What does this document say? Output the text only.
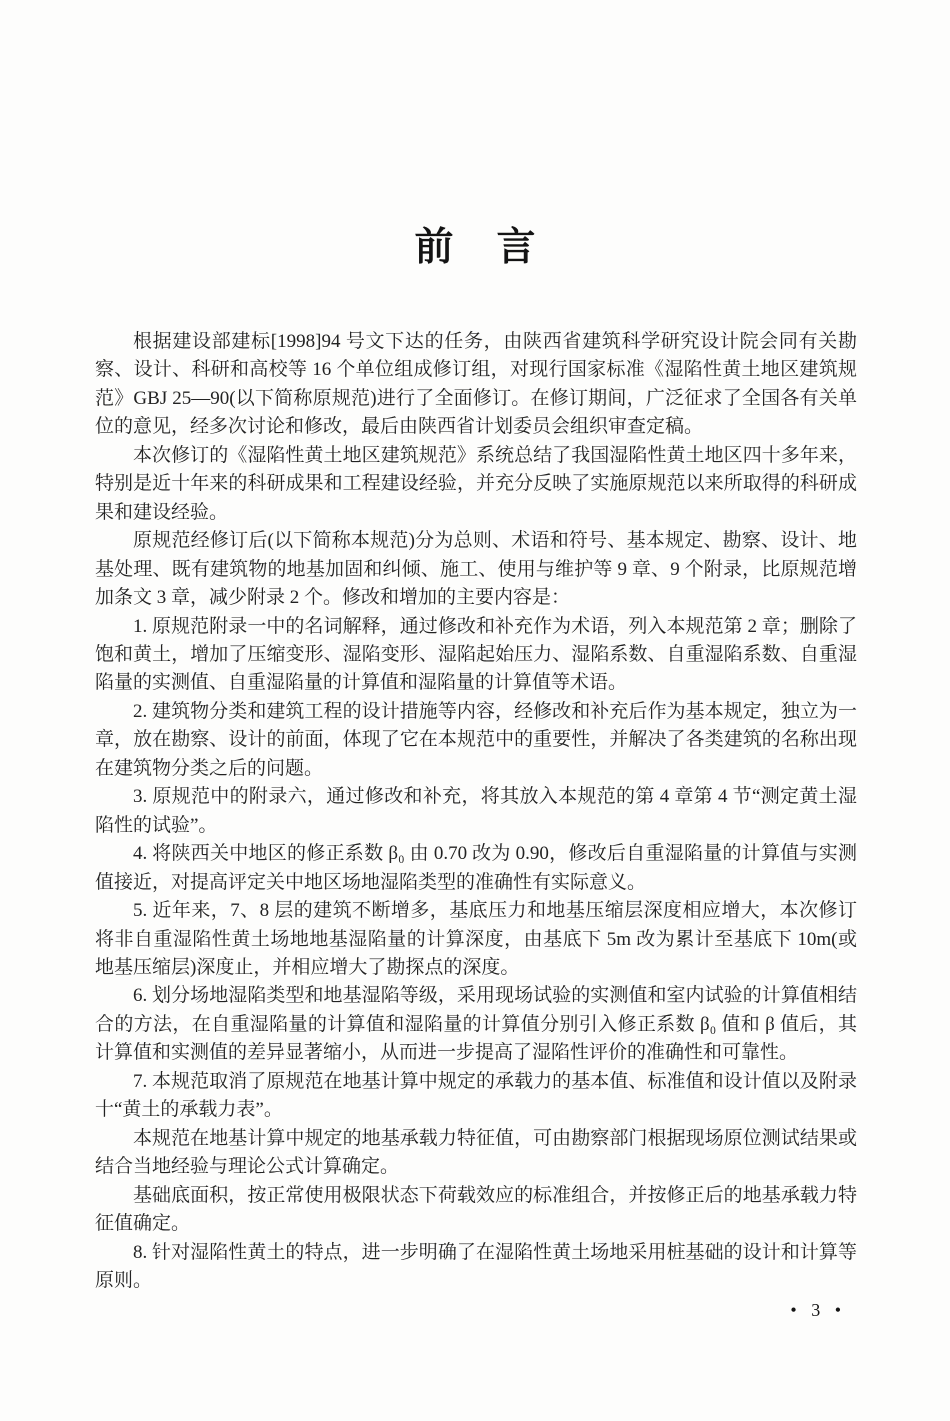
前　言

根据建设部建标[1998]94 号文下达的任务，由陕西省建筑科学研究设计院会同有关勘察、设计、科研和高校等 16 个单位组成修订组，对现行国家标准《湿陷性黄土地区建筑规范》GBJ 25—90(以下简称原规范)进行了全面修订。在修订期间，广泛征求了全国各有关单位的意见，经多次讨论和修改，最后由陕西省计划委员会组织审查定稿。

本次修订的《湿陷性黄土地区建筑规范》系统总结了我国湿陷性黄土地区四十多年来，特别是近十年来的科研成果和工程建设经验，并充分反映了实施原规范以来所取得的科研成果和建设经验。

原规范经修订后(以下简称本规范)分为总则、术语和符号、基本规定、勘察、设计、地基处理、既有建筑物的地基加固和纠倾、施工、使用与维护等 9 章、9 个附录，比原规范增加条文 3 章，减少附录 2 个。修改和增加的主要内容是：

1. 原规范附录一中的名词解释，通过修改和补充作为术语，列入本规范第 2 章；删除了饱和黄土，增加了压缩变形、湿陷变形、湿陷起始压力、湿陷系数、自重湿陷系数、自重湿陷量的实测值、自重湿陷量的计算值和湿陷量的计算值等术语。

2. 建筑物分类和建筑工程的设计措施等内容，经修改和补充后作为基本规定，独立为一章，放在勘察、设计的前面，体现了它在本规范中的重要性，并解决了各类建筑的名称出现在建筑物分类之后的问题。

3. 原规范中的附录六，通过修改和补充，将其放入本规范的第 4 章第 4 节“测定黄土湿陷性的试验”。

4. 将陕西关中地区的修正系数 β₀ 由 0.70 改为 0.90，修改后自重湿陷量的计算值与实测值接近，对提高评定关中地区场地湿陷类型的准确性有实际意义。

5. 近年来，7、8 层的建筑不断增多，基底压力和地基压缩层深度相应增大，本次修订将非自重湿陷性黄土场地地基湿陷量的计算深度，由基底下 5m 改为累计至基底下 10m(或地基压缩层)深度止，并相应增大了勘探点的深度。

6. 划分场地湿陷类型和地基湿陷等级，采用现场试验的实测值和室内试验的计算值相结合的方法，在自重湿陷量的计算值和湿陷量的计算值分别引入修正系数 β₀ 值和 β 值后，其计算值和实测值的差异显著缩小，从而进一步提高了湿陷性评价的准确性和可靠性。

7. 本规范取消了原规范在地基计算中规定的承载力的基本值、标准值和设计值以及附录十“黄土的承载力表”。

本规范在地基计算中规定的地基承载力特征值，可由勘察部门根据现场原位测试结果或结合当地经验与理论公式计算确定。

基础底面积，按正常使用极限状态下荷载效应的标准组合，并按修正后的地基承载力特征值确定。

8. 针对湿陷性黄土的特点，进一步明确了在湿陷性黄土场地采用桩基础的设计和计算等原则。

• 3 •
